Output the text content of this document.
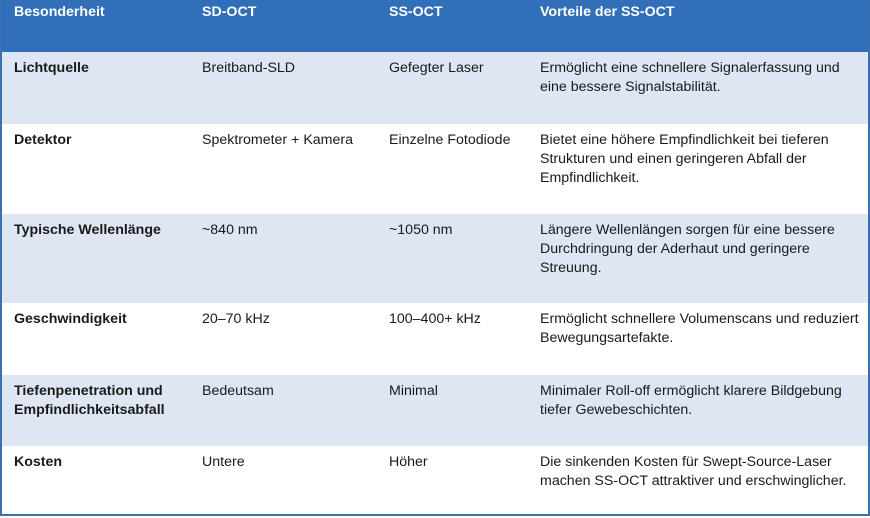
Besonderheit	SD-OCT	SS-OCT	Vorteile der SS-OCT
Lichtquelle	Breitband-SLD	Gefegter Laser	Ermöglicht eine schnellere Signalerfassung und eine bessere Signalstabilität.
Detektor	Spektrometer + Kamera	Einzelne Fotodiode	Bietet eine höhere Empfindlichkeit bei tieferen Strukturen und einen geringeren Abfall der Empfindlichkeit.
Typische Wellenlänge	~840 nm	~1050 nm	Längere Wellenlängen sorgen für eine bessere Durchdringung der Aderhaut und geringere Streuung.
Geschwindigkeit	20–70 kHz	100–400+ kHz	Ermöglicht schnellere Volumenscans und reduziert Bewegungsartefakte.
Tiefenpenetration und Empfindlichkeitsabfall	Bedeutsam	Minimal	Minimaler Roll-off ermöglicht klarere Bildgebung tiefer Gewebeschichten.
Kosten	Untere	Höher	Die sinkenden Kosten für Swept-Source-Laser machen SS-OCT attraktiver und erschwinglicher.
